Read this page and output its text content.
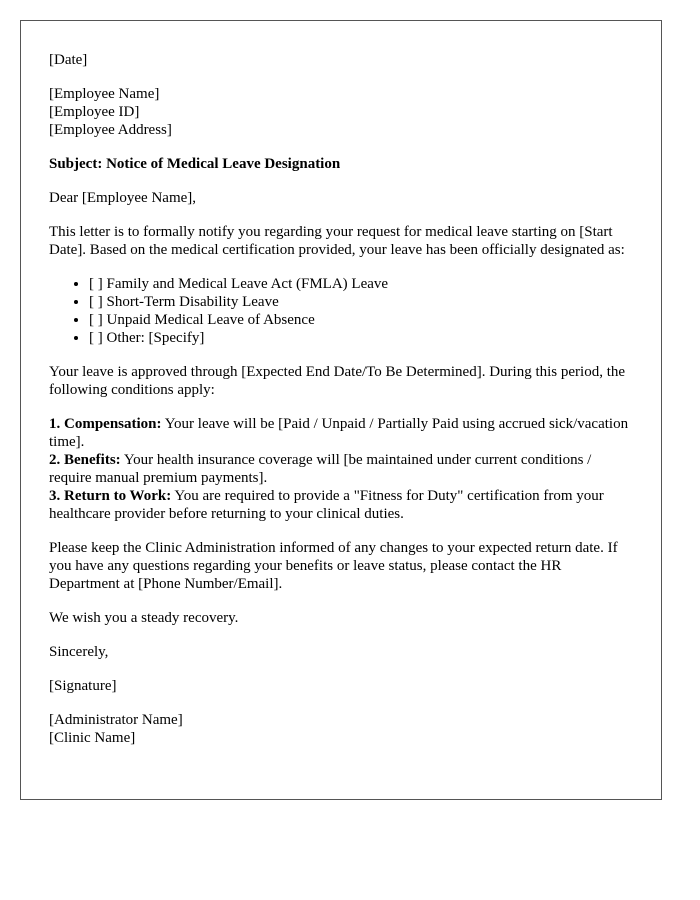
[Date]
[Employee Name]
[Employee ID]
[Employee Address]
Subject: Notice of Medical Leave Designation
Dear [Employee Name],
This letter is to formally notify you regarding your request for medical leave starting on [Start Date]. Based on the medical certification provided, your leave has been officially designated as:
• [ ] Family and Medical Leave Act (FMLA) Leave
• [ ] Short-Term Disability Leave
• [ ] Unpaid Medical Leave of Absence
• [ ] Other: [Specify]
Your leave is approved through [Expected End Date/To Be Determined]. During this period, the following conditions apply:
1. Compensation: Your leave will be [Paid / Unpaid / Partially Paid using accrued sick/vacation time].
2. Benefits: Your health insurance coverage will [be maintained under current conditions / require manual premium payments].
3. Return to Work: You are required to provide a "Fitness for Duty" certification from your healthcare provider before returning to your clinical duties.
Please keep the Clinic Administration informed of any changes to your expected return date. If you have any questions regarding your benefits or leave status, please contact the HR Department at [Phone Number/Email].
We wish you a steady recovery.
Sincerely,
[Signature]
[Administrator Name]
[Clinic Name]
